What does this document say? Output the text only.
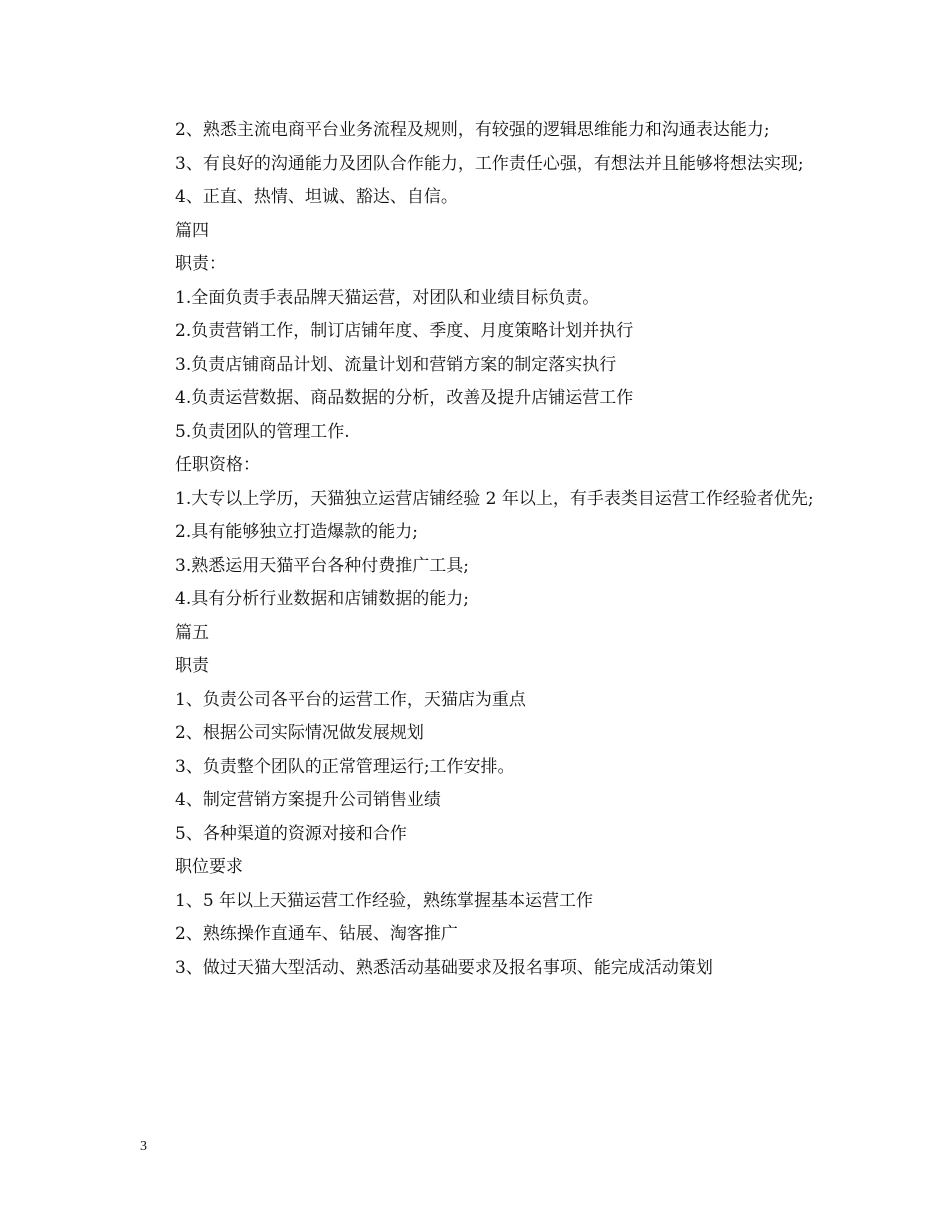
2、熟悉主流电商平台业务流程及规则，有较强的逻辑思维能力和沟通表达能力;

3、有良好的沟通能力及团队合作能力，工作责任心强，有想法并且能够将想法实现;

4、正直、热情、坦诚、豁达、自信。

篇四

职责：

1.全面负责手表品牌天猫运营，对团队和业绩目标负责。

2.负责营销工作，制订店铺年度、季度、月度策略计划并执行

3.负责店铺商品计划、流量计划和营销方案的制定落实执行

4.负责运营数据、商品数据的分析，改善及提升店铺运营工作

5.负责团队的管理工作.

任职资格：

1.大专以上学历，天猫独立运营店铺经验 2 年以上，有手表类目运营工作经验者优先;

2.具有能够独立打造爆款的能力;

3.熟悉运用天猫平台各种付费推广工具;

4.具有分析行业数据和店铺数据的能力;

篇五

职责

1、负责公司各平台的运营工作，天猫店为重点

2、根据公司实际情况做发展规划

3、负责整个团队的正常管理运行;工作安排。

4、制定营销方案提升公司销售业绩

5、各种渠道的资源对接和合作

职位要求

1、5 年以上天猫运营工作经验，熟练掌握基本运营工作

2、熟练操作直通车、钻展、淘客推广

3、做过天猫大型活动、熟悉活动基础要求及报名事项、能完成活动策划

3
